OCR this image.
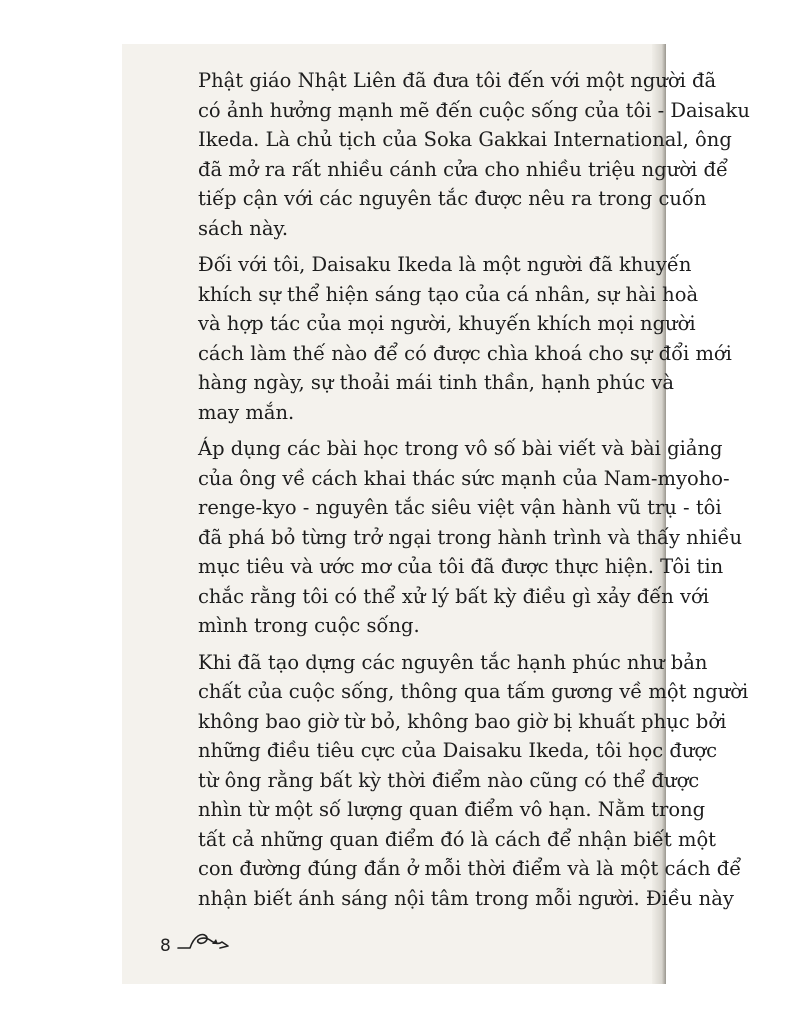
Phật giáo Nhật Liên đã đưa tôi đến với một người đã
có ảnh hưởng mạnh mẽ đến cuộc sống của tôi - Daisaku
Ikeda. Là chủ tịch của Soka Gakkai International, ông
đã mở ra rất nhiều cánh cửa cho nhiều triệu người để
tiếp cận với các nguyên tắc được nêu ra trong cuốn
sách này.

Đối với tôi, Daisaku Ikeda là một người đã khuyến
khích sự thể hiện sáng tạo của cá nhân, sự hài hoà
và hợp tác của mọi người, khuyến khích mọi người
cách làm thế nào để có được chìa khoá cho sự đổi mới
hàng ngày, sự thoải mái tinh thần, hạnh phúc và
may mắn.

Áp dụng các bài học trong vô số bài viết và bài giảng
của ông về cách khai thác sức mạnh của Nam-myoho-
renge-kyo - nguyên tắc siêu việt vận hành vũ trụ - tôi
đã phá bỏ từng trở ngại trong hành trình và thấy nhiều
mục tiêu và ước mơ của tôi đã được thực hiện. Tôi tin
chắc rằng tôi có thể xử lý bất kỳ điều gì xảy đến với
mình trong cuộc sống.

Khi đã tạo dựng các nguyên tắc hạnh phúc như bản
chất của cuộc sống, thông qua tấm gương về một người
không bao giờ từ bỏ, không bao giờ bị khuất phục bởi
những điều tiêu cực của Daisaku Ikeda, tôi học được
từ ông rằng bất kỳ thời điểm nào cũng có thể được
nhìn từ một số lượng quan điểm vô hạn. Nằm trong
tất cả những quan điểm đó là cách để nhận biết một
con đường đúng đắn ở mỗi thời điểm và là một cách để
nhận biết ánh sáng nội tâm trong mỗi người. Điều này

8
